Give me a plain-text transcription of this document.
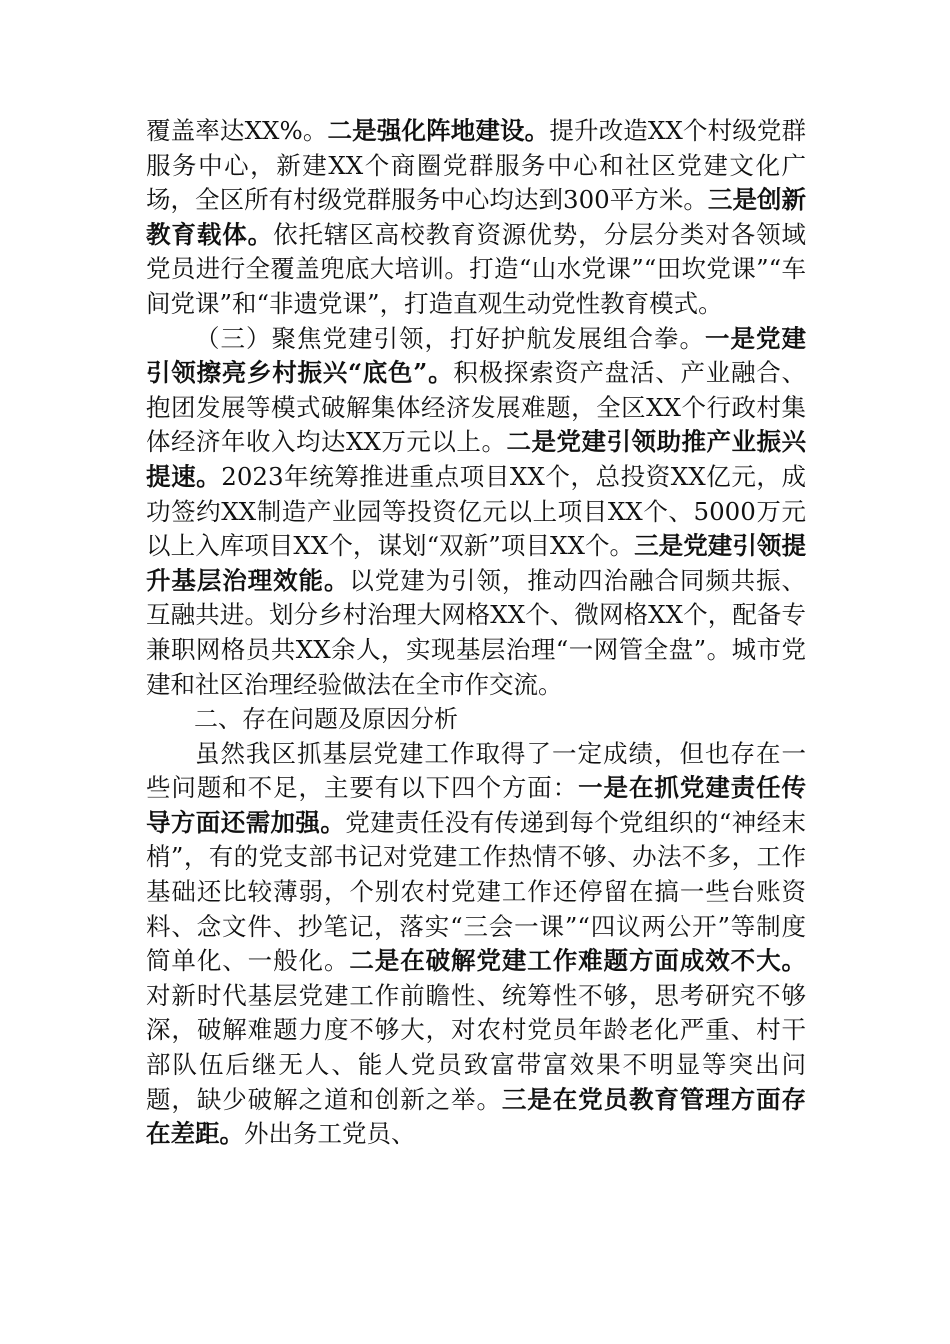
覆盖率达XX%。二是强化阵地建设。提升改造XX个村级党群服务中心，新建XX个商圈党群服务中心和社区党建文化广场，全区所有村级党群服务中心均达到300平方米。三是创新教育载体。依托辖区高校教育资源优势，分层分类对各领域党员进行全覆盖兜底大培训。打造“山水党课”“田坎党课”“车间党课”和“非遗党课”，打造直观生动党性教育模式。

（三）聚焦党建引领，打好护航发展组合拳。一是党建引领擦亮乡村振兴“底色”。积极探索资产盘活、产业融合、抱团发展等模式破解集体经济发展难题，全区XX个行政村集体经济年收入均达XX万元以上。二是党建引领助推产业振兴提速。2023年统筹推进重点项目XX个，总投资XX亿元，成功签约XX制造产业园等投资亿元以上项目XX个、5000万元以上入库项目XX个，谋划“双新”项目XX个。三是党建引领提升基层治理效能。以党建为引领，推动四治融合同频共振、互融共进。划分乡村治理大网格XX个、微网格XX个，配备专兼职网格员共XX余人，实现基层治理“一网管全盘”。城市党建和社区治理经验做法在全市作交流。

二、存在问题及原因分析

虽然我区抓基层党建工作取得了一定成绩，但也存在一些问题和不足，主要有以下四个方面：一是在抓党建责任传导方面还需加强。党建责任没有传递到每个党组织的“神经末梢”，有的党支部书记对党建工作热情不够、办法不多，工作基础还比较薄弱，个别农村党建工作还停留在搞一些台账资料、念文件、抄笔记，落实“三会一课”“四议两公开”等制度简单化、一般化。二是在破解党建工作难题方面成效不大。对新时代基层党建工作前瞻性、统筹性不够，思考研究不够深，破解难题力度不够大，对农村党员年龄老化严重、村干部队伍后继无人、能人党员致富带富效果不明显等突出问题，缺少破解之道和创新之举。三是在党员教育管理方面存在差距。外出务工党员、
